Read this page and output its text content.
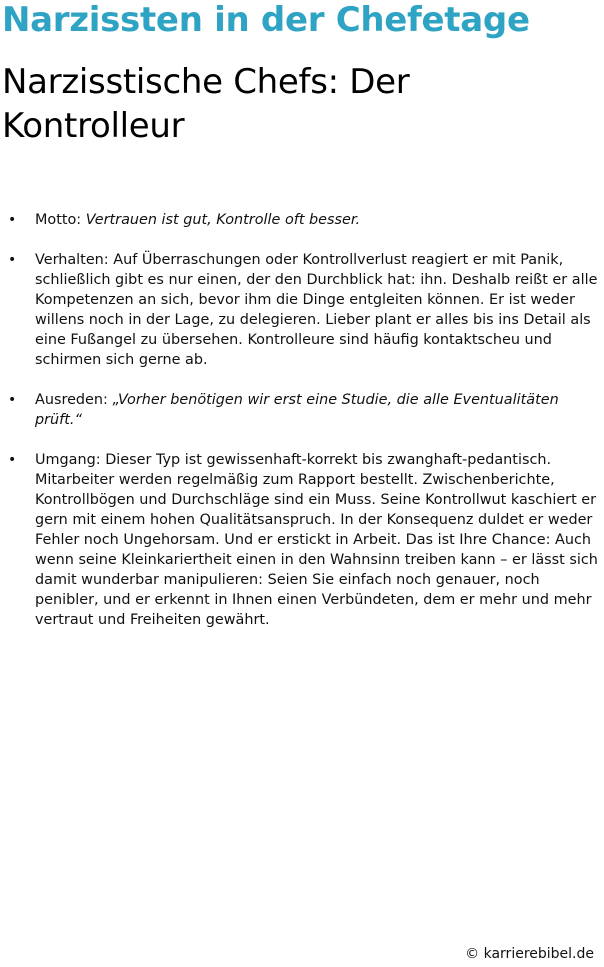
Narzissten in der Chefetage
Narzisstische Chefs: Der Kontrolleur
• Motto: Vertrauen ist gut, Kontrolle oft besser.
• Verhalten: Auf Überraschungen oder Kontrollverlust reagiert er mit Panik, schließlich gibt es nur einen, der den Durchblick hat: ihn. Deshalb reißt er alle Kompetenzen an sich, bevor ihm die Dinge entgleiten können. Er ist weder willens noch in der Lage, zu delegieren. Lieber plant er alles bis ins Detail als eine Fußangel zu übersehen. Kontrolleure sind häufig kontaktscheu und schirmen sich gerne ab.
• Ausreden: „Vorher benötigen wir erst eine Studie, die alle Eventualitäten prüft.“
• Umgang: Dieser Typ ist gewissenhaft-korrekt bis zwanghaft-pedantisch. Mitarbeiter werden regelmäßig zum Rapport bestellt. Zwischenberichte, Kontrollbögen und Durchschläge sind ein Muss. Seine Kontrollwut kaschiert er gern mit einem hohen Qualitätsanspruch. In der Konsequenz duldet er weder Fehler noch Ungehorsam. Und er erstickt in Arbeit. Das ist Ihre Chance: Auch wenn seine Kleinkariertheit einen in den Wahnsinn treiben kann – er lässt sich damit wunderbar manipulieren: Seien Sie einfach noch genauer, noch penibler, und er erkennt in Ihnen einen Verbündeten, dem er mehr und mehr vertraut und Freiheiten gewährt.

© karrierebibel.de
